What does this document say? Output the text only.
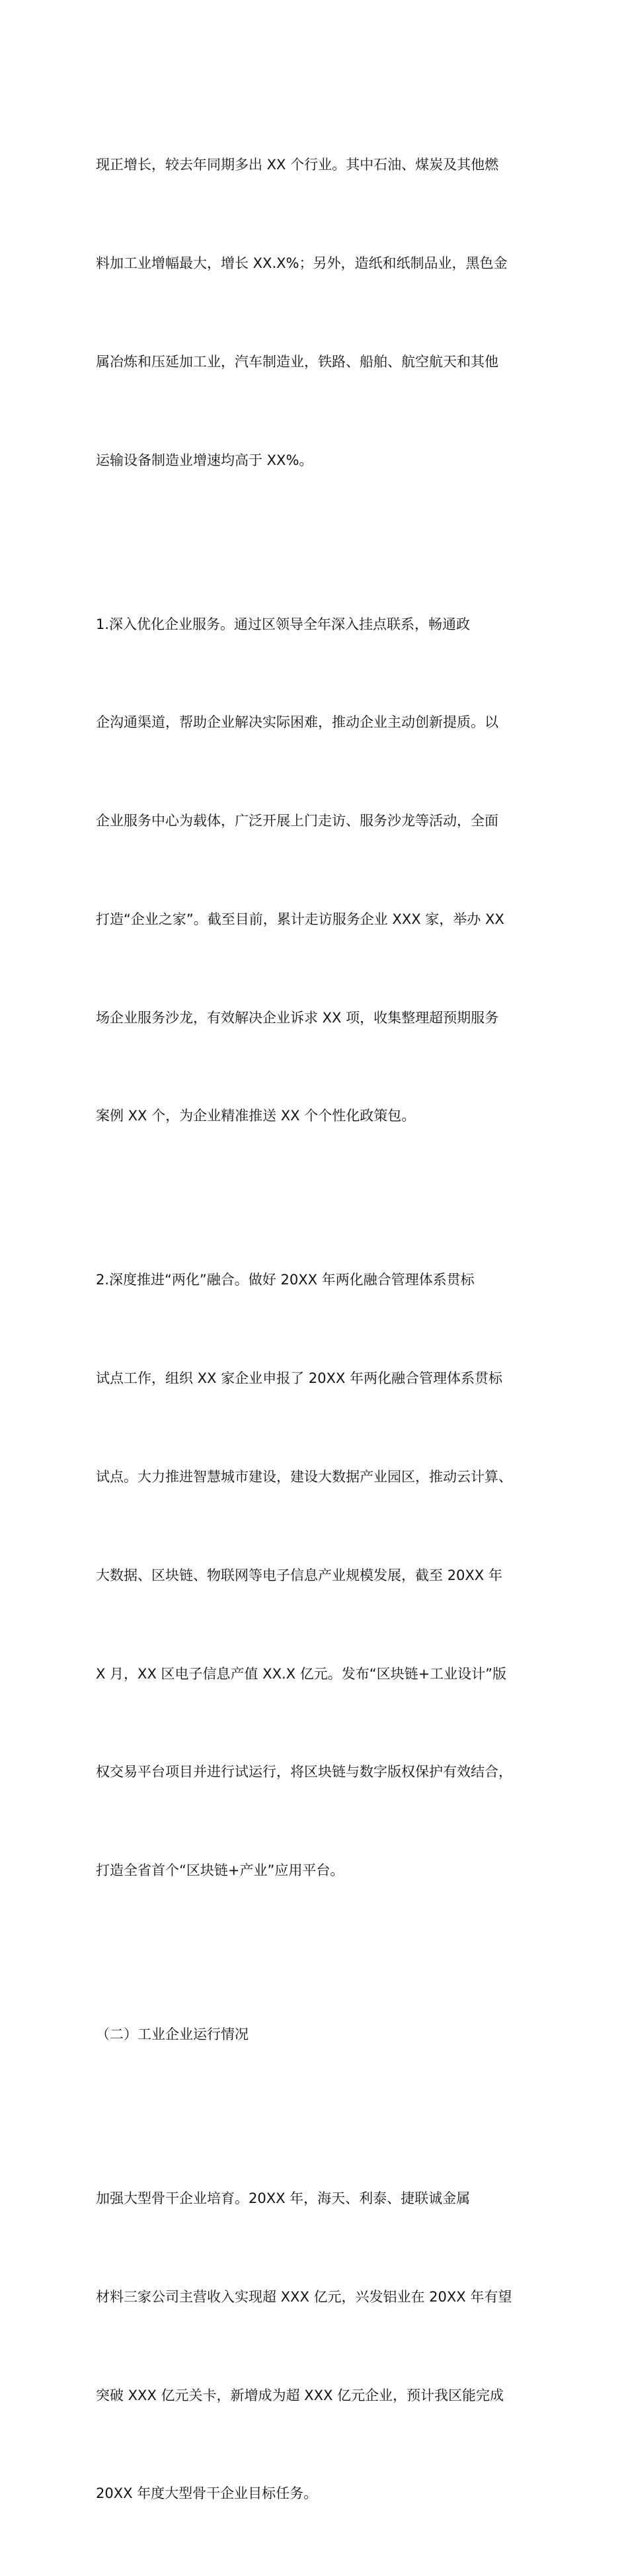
现正增长，较去年同期多出 XX 个行业。其中石油、煤炭及其他燃

料加工业增幅最大，增长 XX.X%；另外，造纸和纸制品业，黑色金

属冶炼和压延加工业，汽车制造业，铁路、船舶、航空航天和其他

运输设备制造业增速均高于 XX%。

1.深入优化企业服务。通过区领导全年深入挂点联系，畅通政

企沟通渠道，帮助企业解决实际困难，推动企业主动创新提质。以

企业服务中心为载体，广泛开展上门走访、服务沙龙等活动，全面

打造“企业之家”。截至目前，累计走访服务企业 XXX 家，举办 XX

场企业服务沙龙，有效解决企业诉求 XX 项，收集整理超预期服务

案例 XX 个，为企业精准推送 XX 个个性化政策包。

2.深度推进“两化”融合。做好 20XX 年两化融合管理体系贯标

试点工作，组织 XX 家企业申报了 20XX 年两化融合管理体系贯标

试点。大力推进智慧城市建设，建设大数据产业园区，推动云计算、

大数据、区块链、物联网等电子信息产业规模发展，截至 20XX 年

X 月，XX 区电子信息产值 XX.X 亿元。发布“区块链+工业设计”版

权交易平台项目并进行试运行，将区块链与数字版权保护有效结合，

打造全省首个“区块链+产业”应用平台。

（二）工业企业运行情况

加强大型骨干企业培育。20XX 年，海天、利泰、捷联诚金属

材料三家公司主营收入实现超 XXX 亿元，兴发铝业在 20XX 年有望

突破 XXX 亿元关卡，新增成为超 XXX 亿元企业，预计我区能完成

20XX 年度大型骨干企业目标任务。
